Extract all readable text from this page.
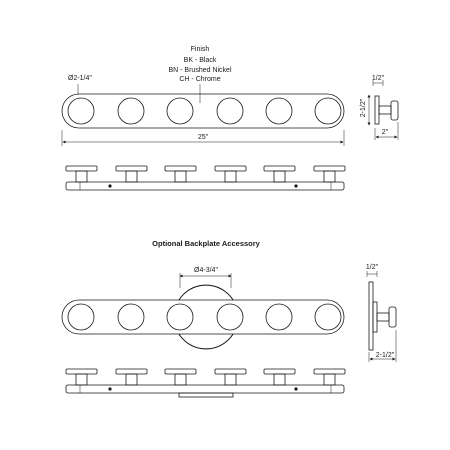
Finish
BK - Black
BN - Brushed Nickel
CH - Chrome
Ø2-1/4"
25"
1/2"
2-1/2"
2"
Optional Backplate Accessory
Ø4-3/4"	1/2"
2-1/2"
